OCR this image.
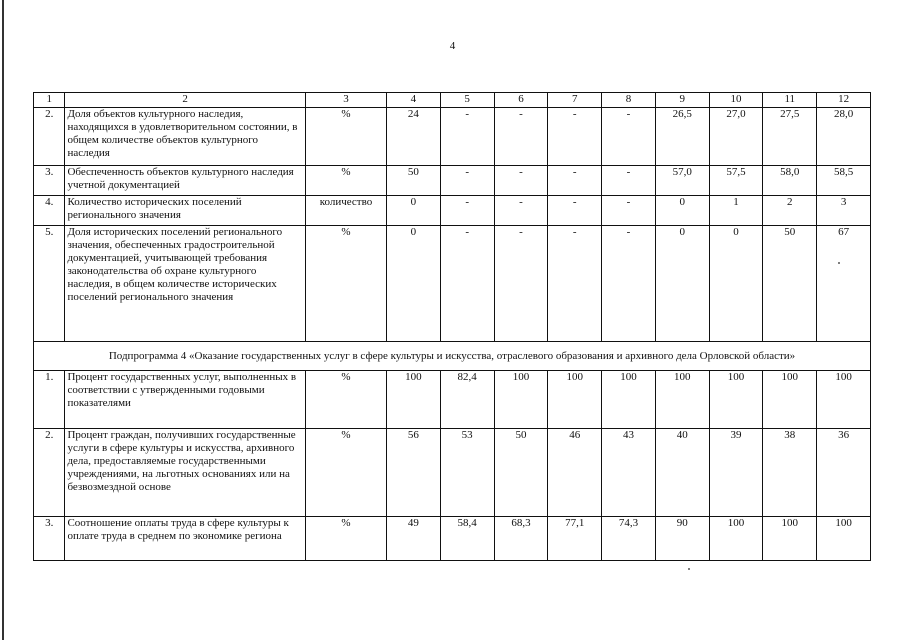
4
1	2	3	4	5	6	7	8	9	10	11	12
2.	Доля объектов культурного наследия, находящихся в удовлетворительном состоянии, в общем количестве объектов культурного наследия	%	24	-	-	-	-	26,5	27,0	27,5	28,0
3.	Обеспеченность объектов культурного наследия учетной документацией	%	50	-	-	-	-	57,0	57,5	58,0	58,5
4.	Количество исторических поселений регионального значения	количество	0	-	-	-	-	0	1	2	3
5.	Доля исторических поселений регионального значения, обеспеченных градостроительной документацией, учитывающей требования законодательства об охране культурного наследия, в общем количестве исторических поселений регионального значения	%	0	-	-	-	-	0	0	50	67
Подпрограмма 4 «Оказание государственных услуг в сфере культуры и искусства, отраслевого образования и архивного дела Орловской области»											
1.	Процент государственных услуг, выполненных в соответствии с утвержденными годовыми показателями	%	100	82,4	100	100	100	100	100	100	100
2.	Процент граждан, получивших государственные услуги в сфере культуры и искусства, архивного дела, предоставляемые государственными учреждениями, на льготных основаниях или на безвозмездной основе	%	56	53	50	46	43	40	39	38	36
3.	Соотношение оплаты труда в сфере культуры к оплате труда в среднем по экономике региона	%	49	58,4	68,3	77,1	74,3	90	100	100	100
